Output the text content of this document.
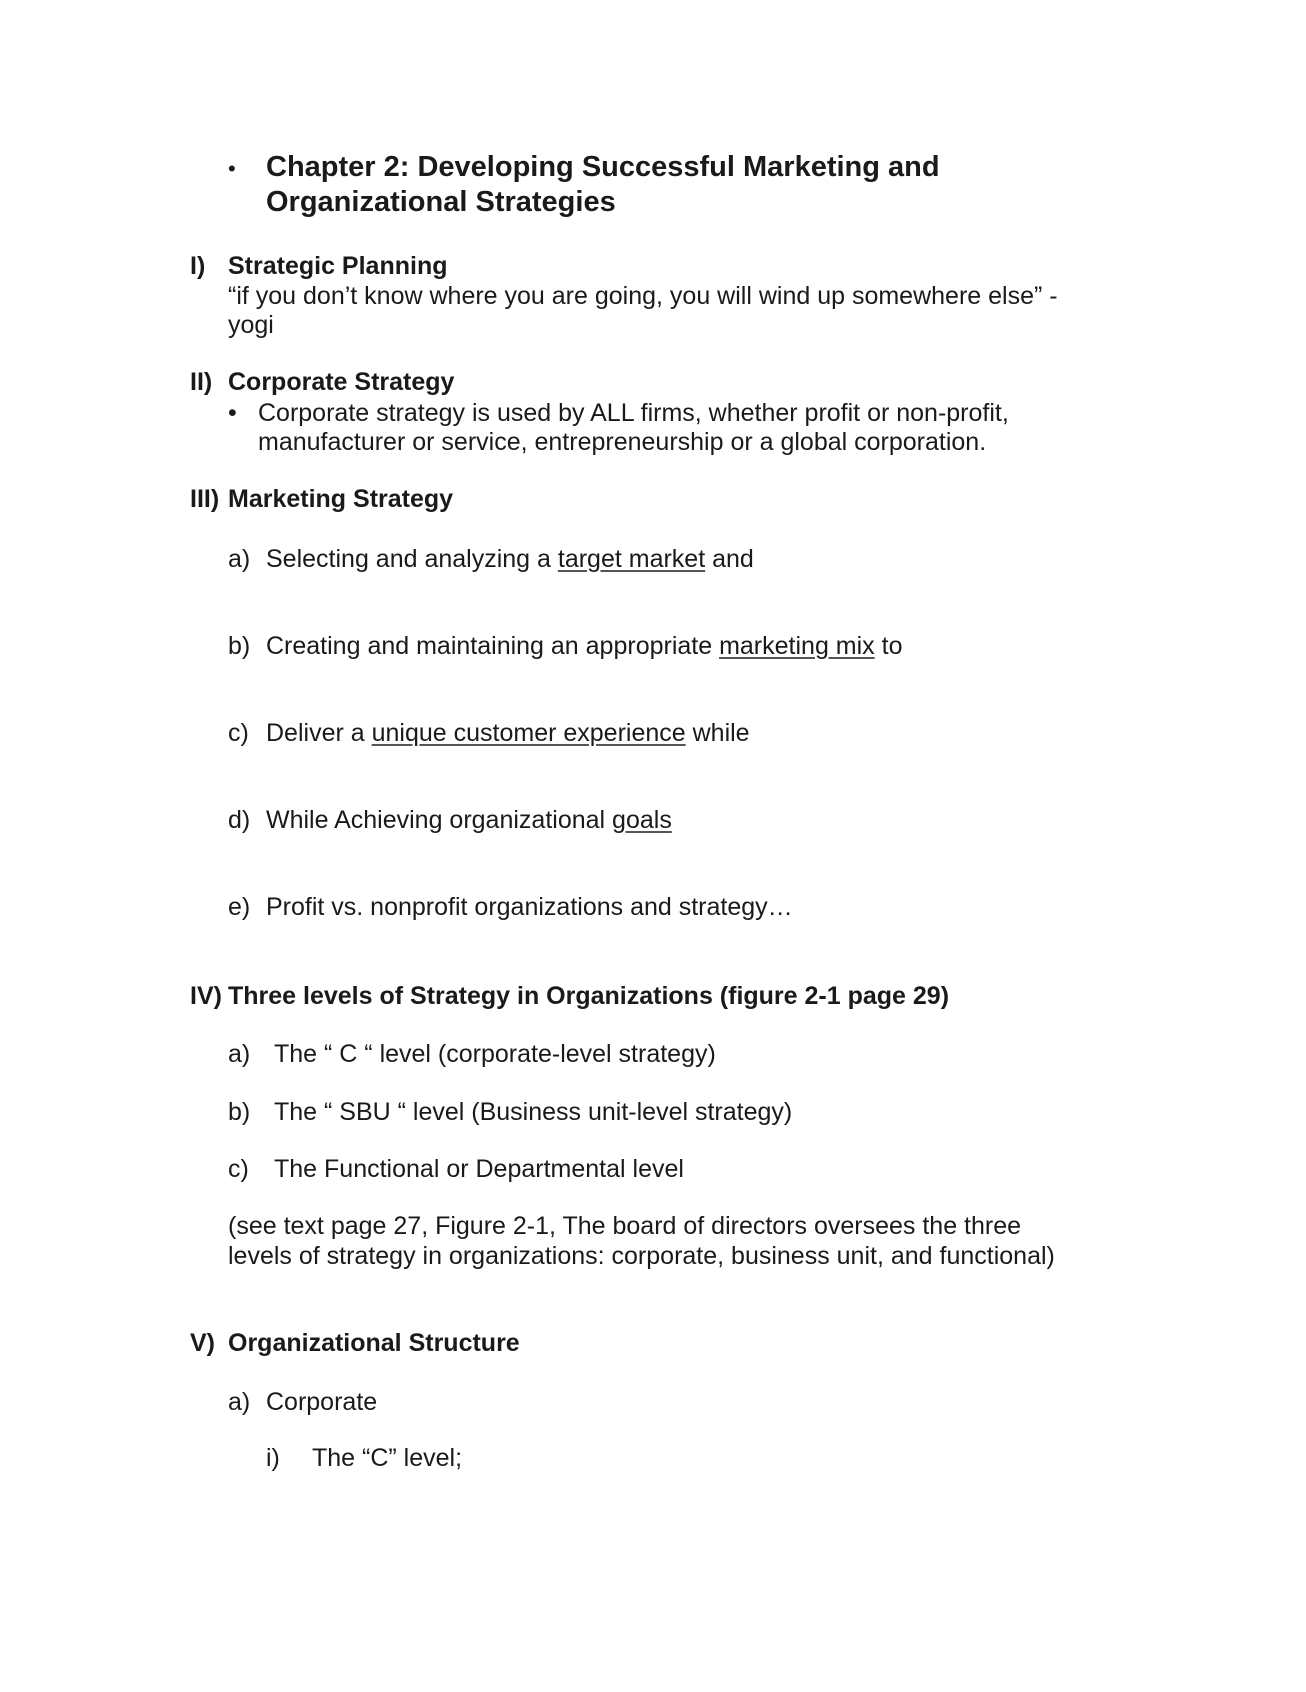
• Chapter 2: Developing Successful Marketing and
Organizational Strategies
I) Strategic Planning
“if you don’t know where you are going, you will wind up somewhere else” -
yogi
II) Corporate Strategy
• Corporate strategy is used by ALL firms, whether profit or non-profit,
manufacturer or service, entrepreneurship or a global corporation.
III) Marketing Strategy
a) Selecting and analyzing a target market and
b) Creating and maintaining an appropriate marketing mix to
c) Deliver a unique customer experience while
d) While Achieving organizational goals
e) Profit vs. nonprofit organizations and strategy…
IV) Three levels of Strategy in Organizations (figure 2-1 page 29)
a) The “ C “ level (corporate-level strategy)
b) The “ SBU “ level (Business unit-level strategy)
c) The Functional or Departmental level
(see text page 27, Figure 2-1, The board of directors oversees the three
levels of strategy in organizations: corporate, business unit, and functional)
V) Organizational Structure
a) Corporate
i) The “C” level;
